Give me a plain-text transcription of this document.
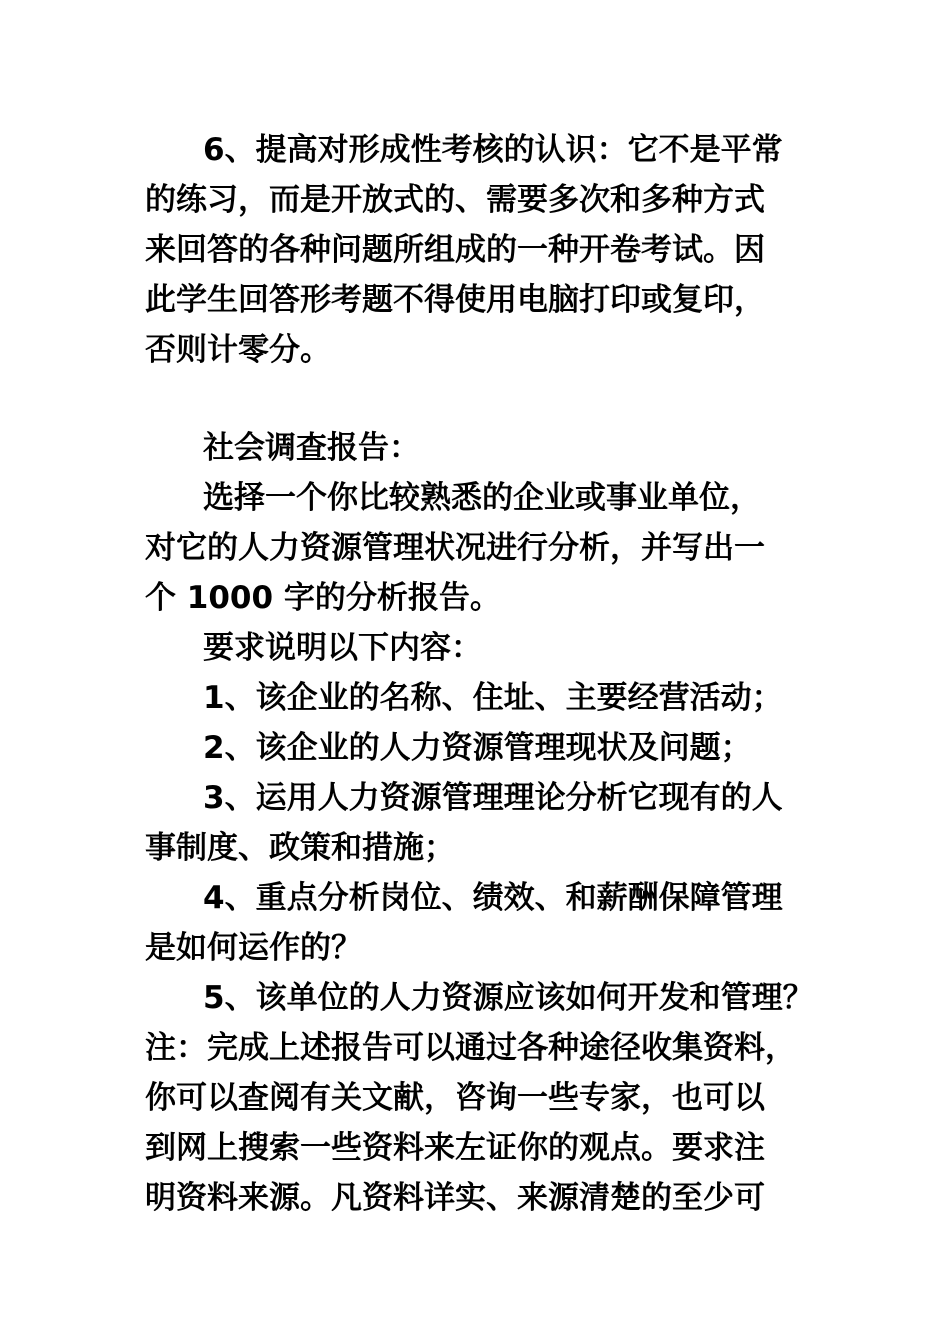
6、提高对形成性考核的认识：它不是平常
的练习，而是开放式的、需要多次和多种方式
来回答的各种问题所组成的一种开卷考试。因
此学生回答形考题不得使用电脑打印或复印，
否则计零分。
社会调查报告：
选择一个你比较熟悉的企业或事业单位，
对它的人力资源管理状况进行分析，并写出一
个 1000 字的分析报告。
要求说明以下内容：
1、该企业的名称、住址、主要经营活动；
2、该企业的人力资源管理现状及问题；
3、运用人力资源管理理论分析它现有的人
事制度、政策和措施；
4、重点分析岗位、绩效、和薪酬保障管理
是如何运作的？
5、该单位的人力资源应该如何开发和管理？
注：完成上述报告可以通过各种途径收集资料，
你可以查阅有关文献，咨询一些专家，也可以
到网上搜索一些资料来左证你的观点。要求注
明资料来源。凡资料详实、来源清楚的至少可
